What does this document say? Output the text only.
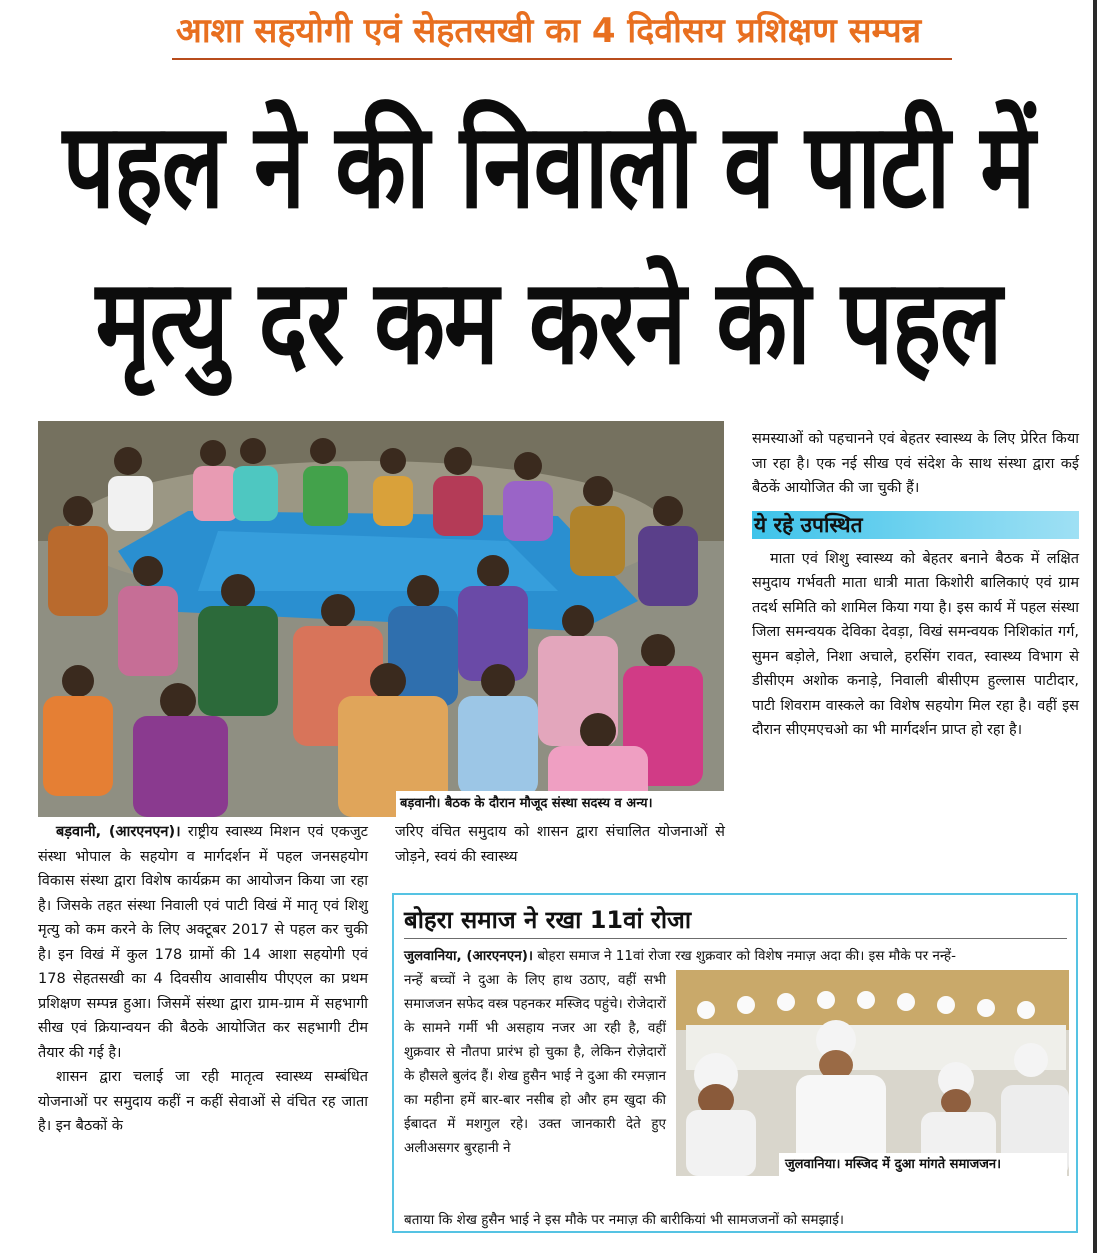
आशा सहयोगी एवं सेहतसखी का 4 दिवीसय प्रशिक्षण सम्पन्न
पहल ने की निवाली व पाटी में
मृत्यु दर कम करने की पहल
बड़वानी। बैठक के दौरान मौजूद संस्था सदस्य व अन्य।

बड़वानी, (आरएनएन)। राष्ट्रीय स्वास्थ्य मिशन एवं एकजुट संस्था भोपाल के सहयोग व मार्गदर्शन में पहल जनसहयोग विकास संस्था द्वारा विशेष कार्यक्रम का आयोजन किया जा रहा है। जिसके तहत संस्था निवाली एवं पाटी विखं में मातृ एवं शिशु मृत्यु को कम करने के लिए अक्टूबर 2017 से पहल कर चुकी है। इन विखं में कुल 178 ग्रामों की 14 आशा सहयोगी एवं 178 सेहतसखी का 4 दिवसीय आवासीय पीएएल का प्रथम प्रशिक्षण सम्पन्न हुआ। जिसमें संस्था द्वारा ग्राम-ग्राम में सहभागी सीख एवं क्रियान्वयन की बैठके आयोजित कर सहभागी टीम तैयार की गई है।

शासन द्वारा चलाई जा रही मातृत्व स्वास्थ्य सम्बंधित योजनाओं पर समुदाय कहीं न कहीं सेवाओं से वंचित रह जाता है। इन बैठकों के

जरिए वंचित समुदाय को शासन द्वारा संचालित योजनाओं से जोड़ने, स्वयं की स्वास्थ्य

समस्याओं को पहचानने एवं बेहतर स्वास्थ्य के लिए प्रेरित किया जा रहा है। एक नई सीख एवं संदेश के साथ संस्था द्वारा कई बैठकें आयोजित की जा चुकी हैं।

ये रहे उपस्थित

माता एवं शिशु स्वास्थ्य को बेहतर बनाने बैठक में लक्षित समुदाय गर्भवती माता धात्री माता किशोरी बालिकाएं एवं ग्राम तदर्थ समिति को शामिल किया गया है। इस कार्य में पहल संस्था जिला समन्वयक देविका देवड़ा, विखं समन्वयक निशिकांत गर्ग, सुमन बड़ोले, निशा अचाले, हरसिंग रावत, स्वास्थ्य विभाग से डीसीएम अशोक कनाड़े, निवाली बीसीएम हुल्लास पाटीदार, पाटी शिवराम वास्कले का विशेष सहयोग मिल रहा है। वहीं इस दौरान सीएमएचओ का भी मार्गदर्शन प्राप्त हो रहा है।

बोहरा समाज ने रखा 11वां रोजा
जुलवानिया, (आरएनएन)। बोहरा समाज ने 11वां रोजा रख शुक्रवार को विशेष नमाज़ अदा की। इस मौके पर नन्हें-
नन्हें बच्चों ने दुआ के लिए हाथ उठाए, वहीं सभी समाजजन सफेद वस्त्र पहनकर मस्जिद पहुंचे। रोजेदारों के सामने गर्मी भी असहाय नजर आ रही है, वहीं शुक्रवार से नौतपा प्रारंभ हो चुका है, लेकिन रोज़ेदारों के हौसले बुलंद हैं। शेख हुसैन भाई ने दुआ की रमज़ान का महीना हमें बार-बार नसीब हो और हम खुदा की ईबादत में मशगुल रहे। उक्त जानकारी देते हुए अलीअसगर बुरहानी ने
बताया कि शेख हुसैन भाई ने इस मौके पर नमाज़ की बारीकियां भी सामजजनों को समझाई।
जुलवानिया। मस्जिद में दुआ मांगते समाजजन।
